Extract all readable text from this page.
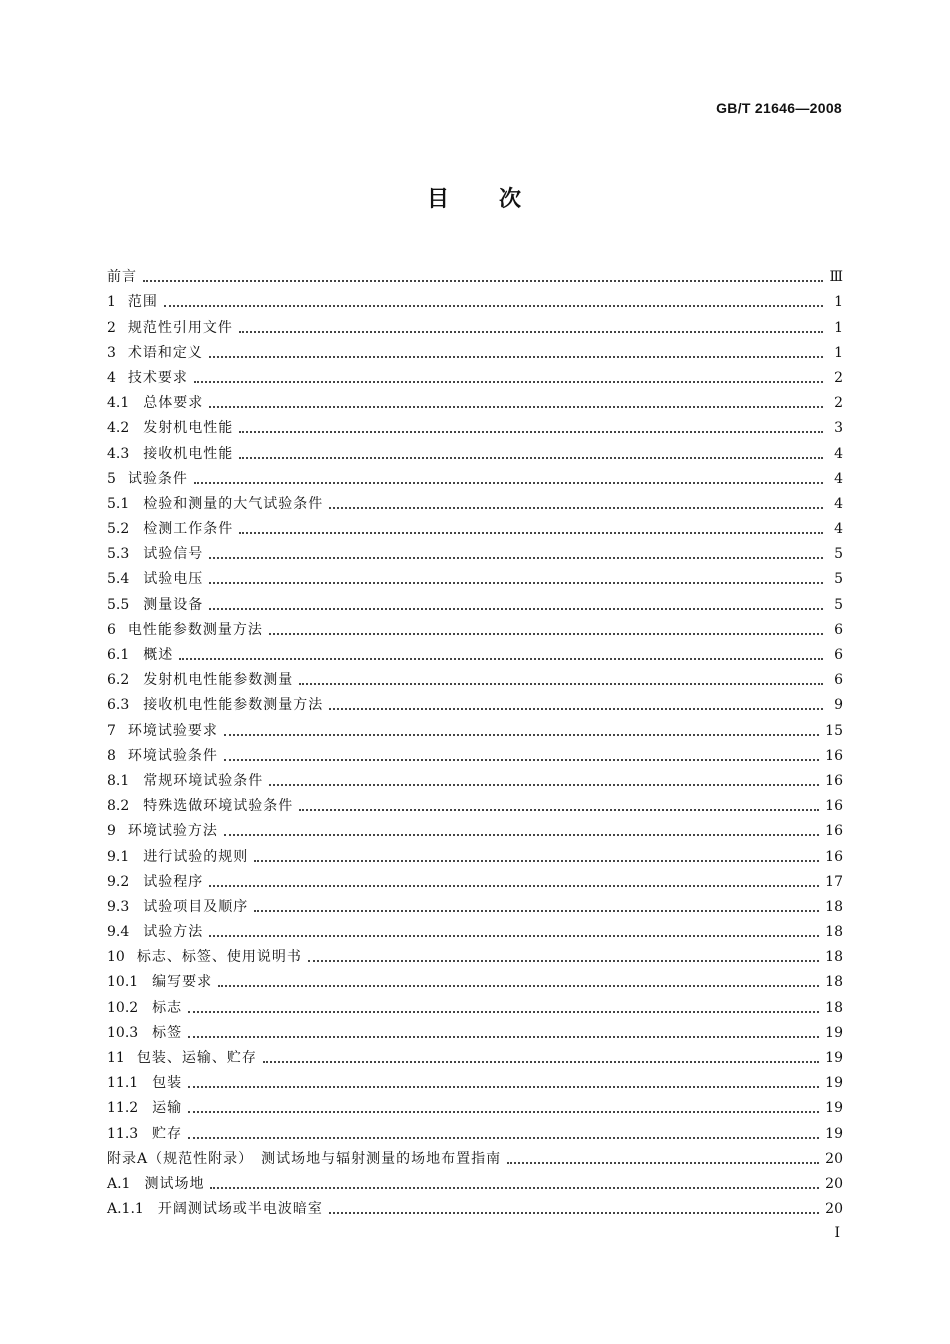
GB/T 21646—2008
目　　次
前言	Ⅲ
1 范围	1
2 规范性引用文件	1
3 术语和定义	1
4 技术要求	2
4.1 总体要求	2
4.2 发射机电性能	3
4.3 接收机电性能	4
5 试验条件	4
5.1 检验和测量的大气试验条件	4
5.2 检测工作条件	4
5.3 试验信号	5
5.4 试验电压	5
5.5 测量设备	5
6 电性能参数测量方法	6
6.1 概述	6
6.2 发射机电性能参数测量	6
6.3 接收机电性能参数测量方法	9
7 环境试验要求	15
8 环境试验条件	16
8.1 常规环境试验条件	16
8.2 特殊选做环境试验条件	16
9 环境试验方法	16
9.1 进行试验的规则	16
9.2 试验程序	17
9.3 试验项目及顺序	18
9.4 试验方法	18
10 标志、标签、使用说明书	18
10.1 编写要求	18
10.2 标志	18
10.3 标签	19
11 包装、运输、贮存	19
11.1 包装	19
11.2 运输	19
11.3 贮存	19
附录A（规范性附录）　测试场地与辐射测量的场地布置指南	20
A.1 测试场地	20
A.1.1 开阔测试场或半电波暗室	20
Ⅰ
